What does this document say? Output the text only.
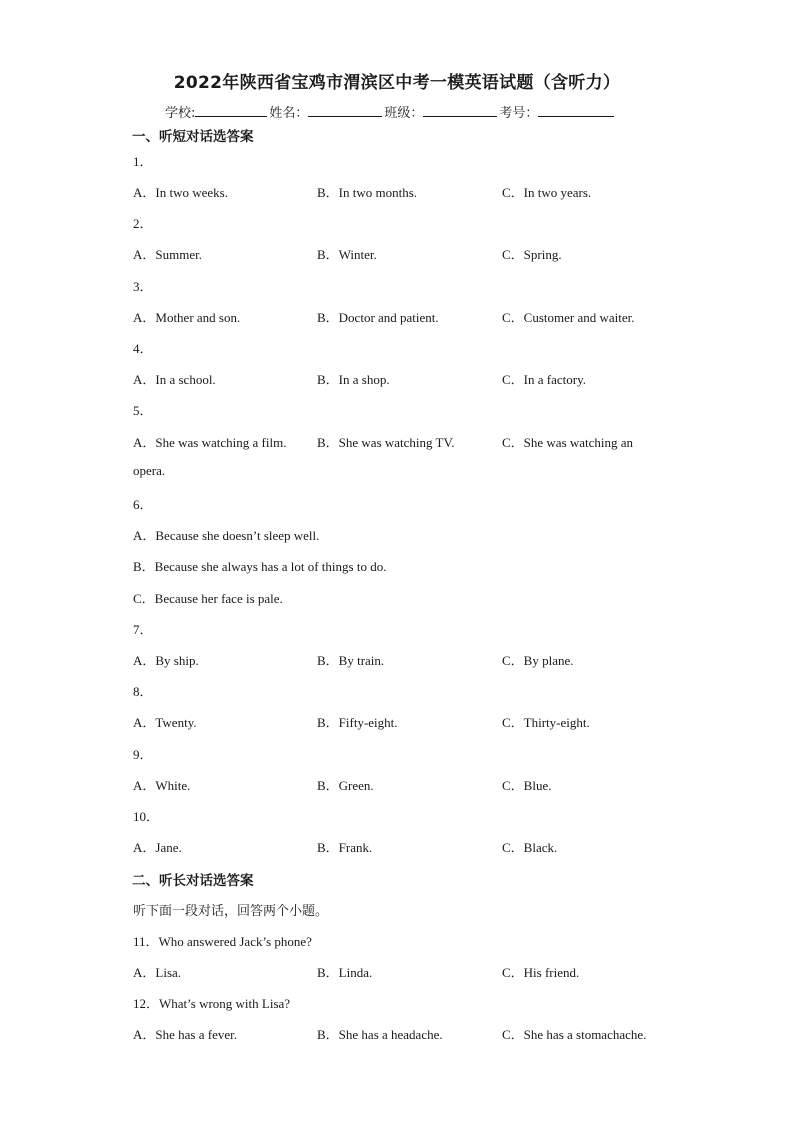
2022年陕西省宝鸡市渭滨区中考一模英语试题（含听力）
学校:	姓名：	班级：	考号：
一、听短对话选答案
1．
A．In two weeks.	B．In two months.	C．In two years.
2．
A．Summer.	B．Winter.	C．Spring.
3．
A．Mother and son.	B．Doctor and patient.	C．Customer and waiter.
4．
A．In a school.	B．In a shop.	C．In a factory.
5．
A．She was watching a film. B．She was watching TV.	C．She was watching an
opera.
6．
A．Because she doesn’t sleep well.
B．Because she always has a lot of things to do.
C．Because her face is pale.
7．
A．By ship.	B．By train.	C．By plane.
8．
A．Twenty.	B．Fifty-eight.	C．Thirty-eight.
9．
A．White.	B．Green.	C．Blue.
10．
A．Jane.	B．Frank.	C．Black.
二、听长对话选答案
听下面一段对话，回答两个小题。
11．Who answered Jack’s phone?
A．Lisa.	B．Linda.	C．His friend.
12．What’s wrong with Lisa?
A．She has a fever.	B．She has a headache.	C．She has a stomachache.
